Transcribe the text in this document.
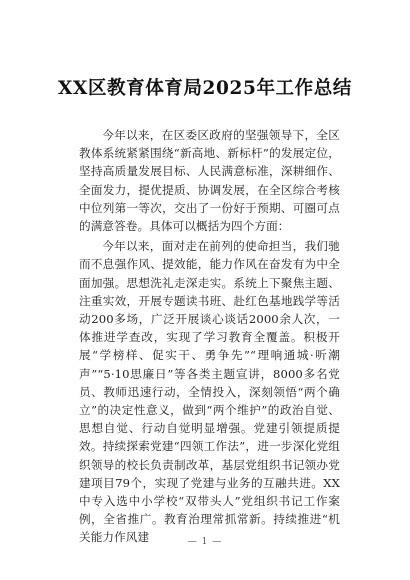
XX区教育体育局2025年工作总结

今年以来，在区委区政府的坚强领导下，全区教体系统紧紧围绕“新高地、新标杆”的发展定位，坚持高质量发展目标、人民满意标准，深耕细作、全面发力，提优提质、协调发展，在全区综合考核中位列第一等次，交出了一份好于预期、可圈可点的满意答卷。具体可以概括为四个方面：

今年以来，面对走在前列的使命担当，我们驰而不息强作风、提效能，能力作风在奋发有为中全面加强。思想洗礼走深走实。系统上下聚焦主题、注重实效，开展专题读书班、赴红色基地践学等活动200多场，广泛开展谈心谈话2000余人次，一体推进学查改，实现了学习教育全覆盖。积极开展“学榜样、促实干、勇争先”“理响通城·听潮声”“5·10思廉日”等各类主题宣讲，8000多名党员、教师迅速行动，全情投入，深刻领悟“两个确立”的决定性意义，做到“两个维护”的政治自觉、思想自觉、行动自觉明显增强。党建引领提质提效。持续探索党建“四领工作法”，进一步深化党组织领导的校长负责制改革，基层党组织书记领办党建项目79个，实现了党建与业务的互融共进。XX中专入选中小学校“双带头人”党组织书记工作案例，全省推广。教育治理常抓常新。持续推进“机关能力作风建	— 1 —
